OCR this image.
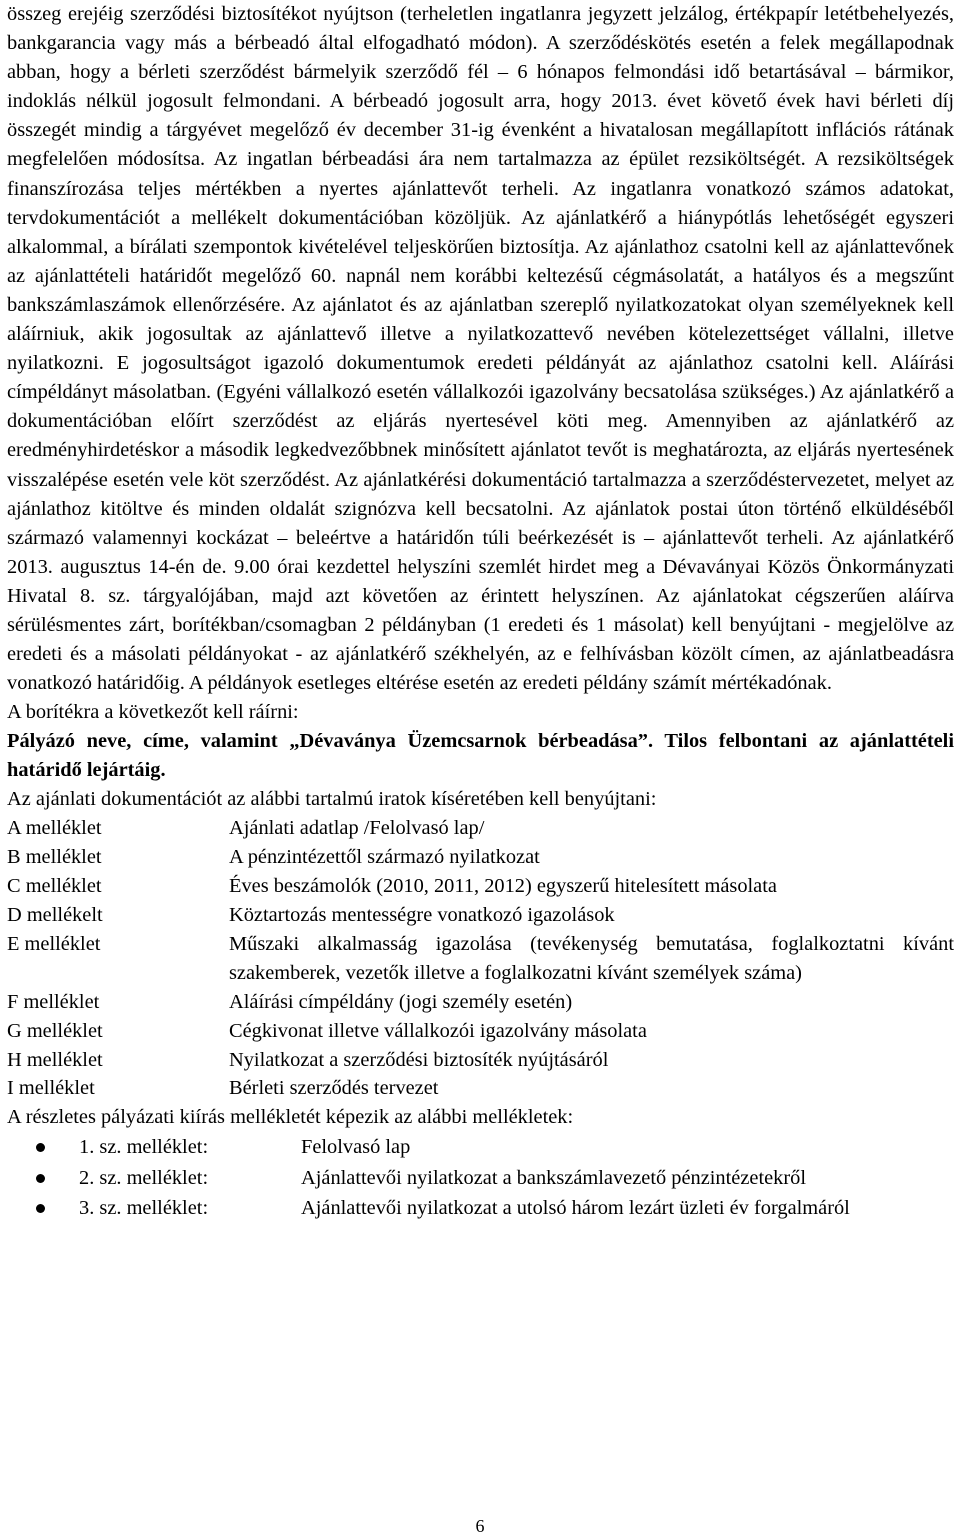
összeg erejéig szerződési biztosítékot nyújtson (terheletlen ingatlanra jegyzett jelzálog, értékpapír letétbehelyezés, bankgarancia vagy más a bérbeadó által elfogadható módon). A szerződéskötés esetén a felek megállapodnak abban, hogy a bérleti szerződést bármelyik szerződő fél – 6 hónapos felmondási idő betartásával – bármikor, indoklás nélkül jogosult felmondani. A bérbeadó jogosult arra, hogy 2013. évet követő évek havi bérleti díj összegét mindig a tárgyévet megelőző év december 31-ig évenként a hivatalosan megállapított inflációs rátának megfelelően módosítsa. Az ingatlan bérbeadási ára nem tartalmazza az épület rezsiköltségét. A rezsiköltségek finanszírozása teljes mértékben a nyertes ajánlattevőt terheli. Az ingatlanra vonatkozó számos adatokat, tervdokumentációt a mellékelt dokumentációban közöljük. Az ajánlatkérő a hiánypótlás lehetőségét egyszeri alkalommal, a bírálati szempontok kivételével teljeskörűen biztosítja. Az ajánlathoz csatolni kell az ajánlattevőnek az ajánlattételi határidőt megelőző 60. napnál nem korábbi keltezésű cégmásolatát, a hatályos és a megszűnt bankszámlaszámok ellenőrzésére. Az ajánlatot és az ajánlatban szereplő nyilatkozatokat olyan személyeknek kell aláírniuk, akik jogosultak az ajánlattevő illetve a nyilatkozattevő nevében kötelezettséget vállalni, illetve nyilatkozni. E jogosultságot igazoló dokumentumok eredeti példányát az ajánlathoz csatolni kell. Aláírási címpéldányt másolatban. (Egyéni vállalkozó esetén vállalkozói igazolvány becsatolása szükséges.) Az ajánlatkérő a dokumentációban előírt szerződést az eljárás nyertesével köti meg. Amennyiben az ajánlatkérő az eredményhirdetéskor a második legkedvezőbbnek minősített ajánlatot tevőt is meghatározta, az eljárás nyertesének visszalépése esetén vele köt szerződést. Az ajánlatkérési dokumentáció tartalmazza a szerződéstervezetet, melyet az ajánlathoz kitöltve és minden oldalát szignózva kell becsatolni. Az ajánlatok postai úton történő elküldéséből származó valamennyi kockázat – beleértve a határidőn túli beérkezését is – ajánlattevőt terheli. Az ajánlatkérő 2013. augusztus 14-én de. 9.00 órai kezdettel helyszíni szemlét hirdet meg a Dévaványai Közös Önkormányzati Hivatal 8. sz. tárgyalójában, majd azt követően az érintett helyszínen. Az ajánlatokat cégszerűen aláírva sérülésmentes zárt, borítékban/csomagban 2 példányban (1 eredeti és 1 másolat) kell benyújtani - megjelölve az eredeti és a másolati példányokat - az ajánlatkérő székhelyén, az e felhívásban közölt címen, az ajánlatbeadásra vonatkozó határidőig. A példányok esetleges eltérése esetén az eredeti példány számít mértékadónak.

A borítékra a következőt kell ráírni:

Pályázó neve, címe, valamint „Dévaványa Üzemcsarnok bérbeadása”. Tilos felbontani az ajánlattételi határidő lejártáig.

Az ajánlati dokumentációt az alábbi tartalmú iratok kíséretében kell benyújtani:

A melléklet	Ajánlati adatlap /Felolvasó lap/
B melléklet	A pénzintézettől származó nyilatkozat
C melléklet	Éves beszámolók (2010, 2011, 2012) egyszerű hitelesített másolata
D mellékelt	Köztartozás mentességre vonatkozó igazolások
E melléklet	Műszaki alkalmasság igazolása (tevékenység bemutatása, foglalkoztatni kívánt szakemberek, vezetők illetve a foglalkozatni kívánt személyek száma)
F melléklet	Aláírási címpéldány (jogi személy esetén)
G melléklet	Cégkivonat illetve vállalkozói igazolvány másolata
H melléklet	Nyilatkozat a szerződési biztosíték nyújtásáról
I melléklet	Bérleti szerződés tervezet

A részletes pályázati kiírás mellékletét képezik az alábbi mellékletek:

1. sz. melléklet:	Felolvasó lap
2. sz. melléklet:	Ajánlattevői nyilatkozat a bankszámlavezető pénzintézetekről
3. sz. melléklet:	Ajánlattevői nyilatkozat a utolsó három lezárt üzleti év forgalmáról
6
